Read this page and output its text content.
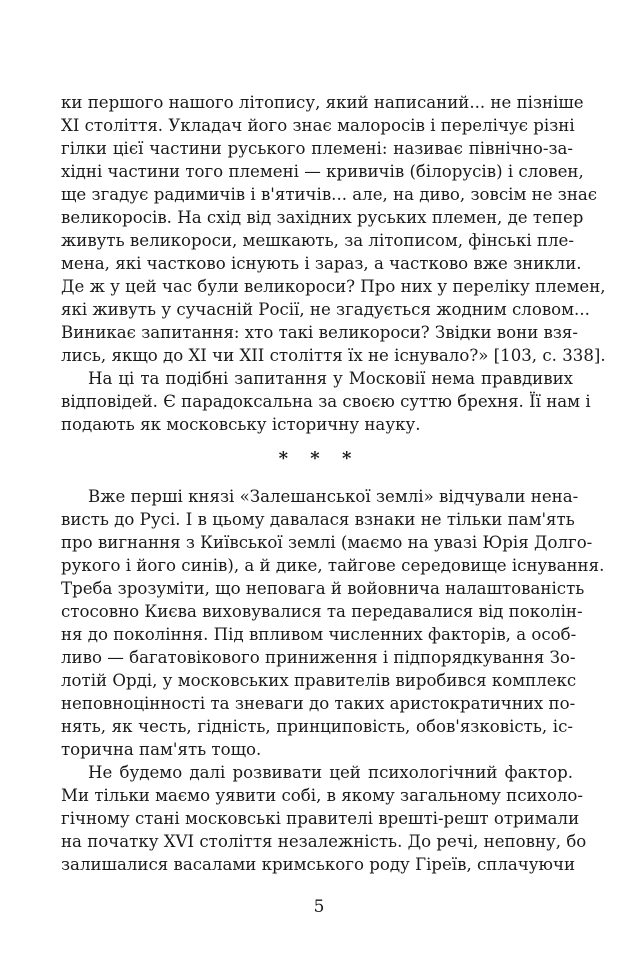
ки першого нашого літопису, який написаний... не пізніше
XI століття. Укладач його знає малоросів і перелічує різні
гілки цієї частини руського племені: називає північно-за-
хідні частини того племені — кривичів (білорусів) і словен,
ще згадує радимичів і в'ятичів... але, на диво, зовсім не знає
великоросів. На схід від західних руських племен, де тепер
живуть великороси, мешкають, за літописом, фінські пле-
мена, які частково існують і зараз, а частково вже зникли.
Де ж у цей час були великороси? Про них у переліку племен,
які живуть у сучасній Росії, не згадується жодним словом...
Виникає запитання: хто такі великороси? Звідки вони взя-
лись, якщо до XI чи XII століття їх не існувало?» [103, с. 338].
На ці та подібні запитання у Московії нема правдивих
відповідей. Є парадоксальна за своєю суттю брехня. Її нам і
подають як московську історичну науку.
* * *
Вже перші князі «Залешанської землі» відчували нена-
висть до Русі. І в цьому давалася взнаки не тільки пам'ять
про вигнання з Київської землі (маємо на увазі Юрія Долго-
рукого і його синів), а й дике, тайгове середовище існування.
Треба зрозуміти, що неповага й войовнича налаштованість
стосовно Києва виховувалися та передавалися від поколін-
ня до покоління. Під впливом численних факторів, а особ-
ливо — багатовікового приниження і підпорядкування Зо-
лотій Орді, у московських правителів виробився комплекс
неповноцінності та зневаги до таких аристократичних по-
нять, як честь, гідність, принциповість, обов'язковість, іс-
торична пам'ять тощо.
Не будемо далі розвивати цей психологічний фактор.
Ми тільки маємо уявити собі, в якому загальному психоло-
гічному стані московські правителі врешті-решт отримали
на початку XVI століття незалежність. До речі, неповну, бо
залишалися васалами кримського роду Гіреїв, сплачуючи
5
